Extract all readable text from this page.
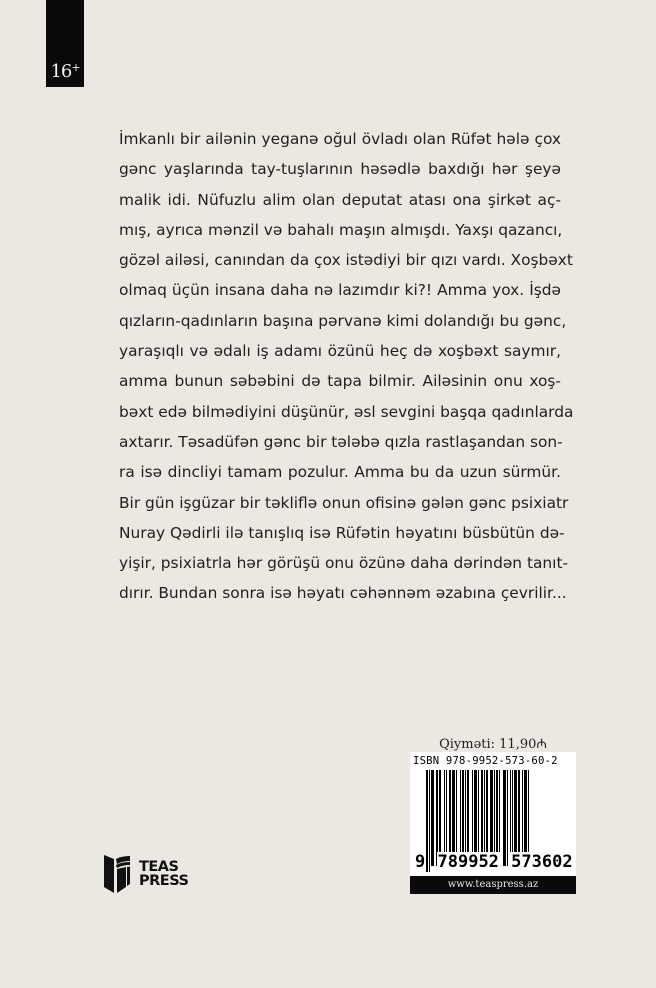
16+
İmkanlı bir ailənin yeganə oğul övladı olan Rüfət hələ çox
gənc yaşlarında tay-tuşlarının həsədlə baxdığı hər şeyə
malik idi. Nüfuzlu alim olan deputat atası ona şirkət aç-
mış, ayrıca mənzil və bahalı maşın almışdı. Yaxşı qazancı,
gözəl ailəsi, canından da çox istədiyi bir qızı vardı. Xoşbəxt
olmaq üçün insana daha nə lazımdır ki?! Amma yox. İşdə
qızların-qadınların başına pərvanə kimi dolandığı bu gənc,
yaraşıqlı və ədalı iş adamı özünü heç də xoşbəxt saymır,
amma bunun səbəbini də tapa bilmir. Ailəsinin onu xoş-
bəxt edə bilmədiyini düşünür, əsl sevgini başqa qadınlarda
axtarır. Təsadüfən gənc bir tələbə qızla rastlaşandan son-
ra isə dincliyi tamam pozulur. Amma bu da uzun sürmür.
Bir gün işgüzar bir təkliflə onun ofisinə gələn gənc psixiatr
Nuray Qədirli ilə tanışlıq isə Rüfətin həyatını büsbütün də-
yişir, psixiatrla hər görüşü onu özünə daha dərindən tanıt-
dırır. Bundan sonra isə həyatı cəhənnəm əzabına çevrilir...
Qiymәti: 11,90₼
ISBN 978-9952-573-60-2
9 789952 573602
www.teaspress.az
TEAS
PRESS
